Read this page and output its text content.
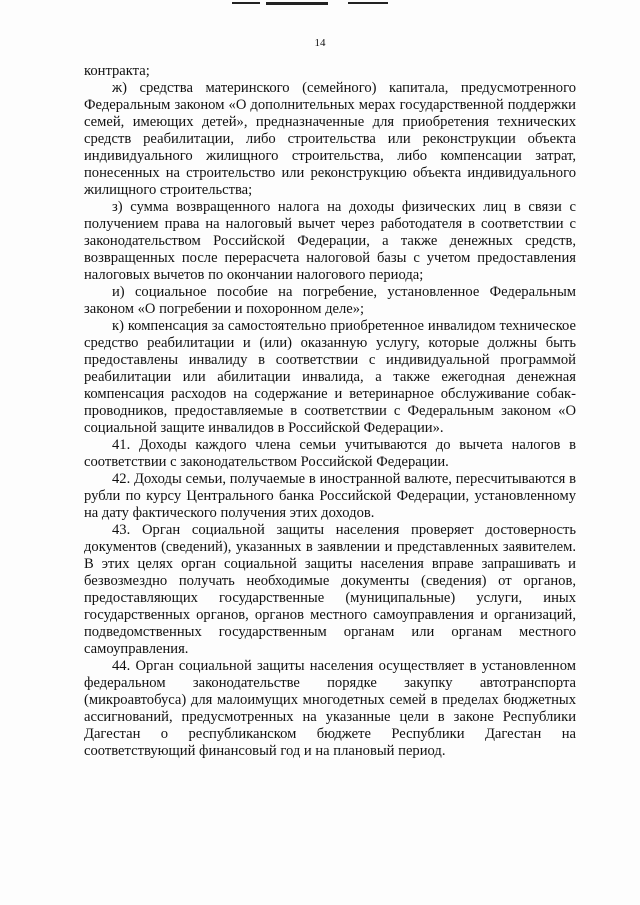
14

контракта;

ж) средства материнского (семейного) капитала, предусмотренного Федеральным законом «О дополнительных мерах государственной поддержки семей, имеющих детей», предназначенные для приобретения технических средств реабилитации, либо строительства или реконструкции объекта индивидуального жилищного строительства, либо компенсации затрат, понесенных на строительство или реконструкцию объекта индивидуального жилищного строительства;

з) сумма возвращенного налога на доходы физических лиц в связи с получением права на налоговый вычет через работодателя в соответствии с законодательством Российской Федерации, а также денежных средств, возвращенных после перерасчета налоговой базы с учетом предоставления налоговых вычетов по окончании налогового периода;

и) социальное пособие на погребение, установленное Федеральным законом «О погребении и похоронном деле»;

к) компенсация за самостоятельно приобретенное инвалидом техническое средство реабилитации и (или) оказанную услугу, которые должны быть предоставлены инвалиду в соответствии с индивидуальной программой реабилитации или абилитации инвалида, а также ежегодная денежная компенсация расходов на содержание и ветеринарное обслуживание собак-проводников, предоставляемые в соответствии с Федеральным законом «О социальной защите инвалидов в Российской Федерации».

41. Доходы каждого члена семьи учитываются до вычета налогов в соответствии с законодательством Российской Федерации.

42. Доходы семьи, получаемые в иностранной валюте, пересчитываются в рубли по курсу Центрального банка Российской Федерации, установленному на дату фактического получения этих доходов.

43. Орган социальной защиты населения проверяет достоверность документов (сведений), указанных в заявлении и представленных заявителем. В этих целях орган социальной защиты населения вправе запрашивать и безвозмездно получать необходимые документы (сведения) от органов, предоставляющих государственные (муниципальные) услуги, иных государственных органов, органов местного самоуправления и организаций, подведомственных государственным органам или органам местного самоуправления.

44. Орган социальной защиты населения осуществляет в установленном федеральном законодательстве порядке закупку автотранспорта (микроавтобуса) для малоимущих многодетных семей в пределах бюджетных ассигнований, предусмотренных на указанные цели в законе Республики Дагестан о республиканском бюджете Республики Дагестан на соответствующий финансовый год и на плановый период.
